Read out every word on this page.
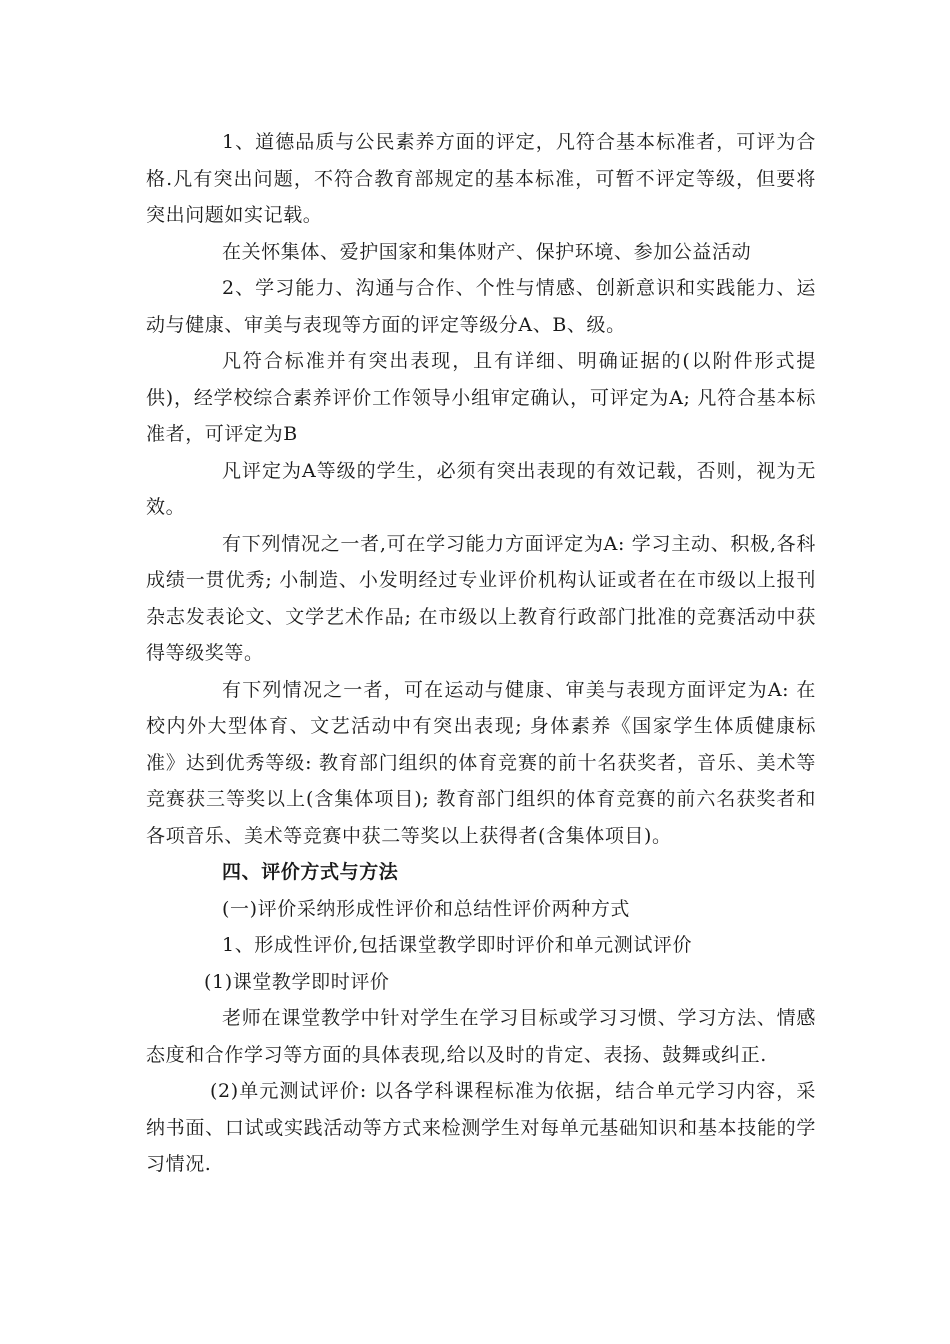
1、道德品质与公民素养方面的评定，凡符合基本标准者，可评为合格.凡有突出问题，不符合教育部规定的基本标准，可暂不评定等级，但要将突出问题如实记载。

在关怀集体、爱护国家和集体财产、保护环境、参加公益活动

2、学习能力、沟通与合作、个性与情感、创新意识和实践能力、运动与健康、审美与表现等方面的评定等级分A、B、级。

凡符合标准并有突出表现，且有详细、明确证据的(以附件形式提供)，经学校综合素养评价工作领导小组审定确认，可评定为A; 凡符合基本标准者，可评定为B

凡评定为A等级的学生，必须有突出表现的有效记载，否则，视为无效。

有下列情况之一者,可在学习能力方面评定为A: 学习主动、积极,各科成绩一贯优秀; 小制造、小发明经过专业评价机构认证或者在在市级以上报刊杂志发表论文、文学艺术作品; 在市级以上教育行政部门批准的竞赛活动中获得等级奖等。

有下列情况之一者，可在运动与健康、审美与表现方面评定为A: 在校内外大型体育、文艺活动中有突出表现; 身体素养《国家学生体质健康标准》达到优秀等级: 教育部门组织的体育竞赛的前十名获奖者，音乐、美术等竞赛获三等奖以上(含集体项目); 教育部门组织的体育竞赛的前六名获奖者和各项音乐、美术等竞赛中获二等奖以上获得者(含集体项目)。

四、评价方式与方法

(一)评价采纳形成性评价和总结性评价两种方式

1、形成性评价,包括课堂教学即时评价和单元测试评价

(1)课堂教学即时评价

老师在课堂教学中针对学生在学习目标或学习习惯、学习方法、情感态度和合作学习等方面的具体表现,给以及时的肯定、表扬、鼓舞或纠正.

(2)单元测试评价: 以各学科课程标准为依据，结合单元学习内容，采纳书面、口试或实践活动等方式来检测学生对每单元基础知识和基本技能的学习情况.
